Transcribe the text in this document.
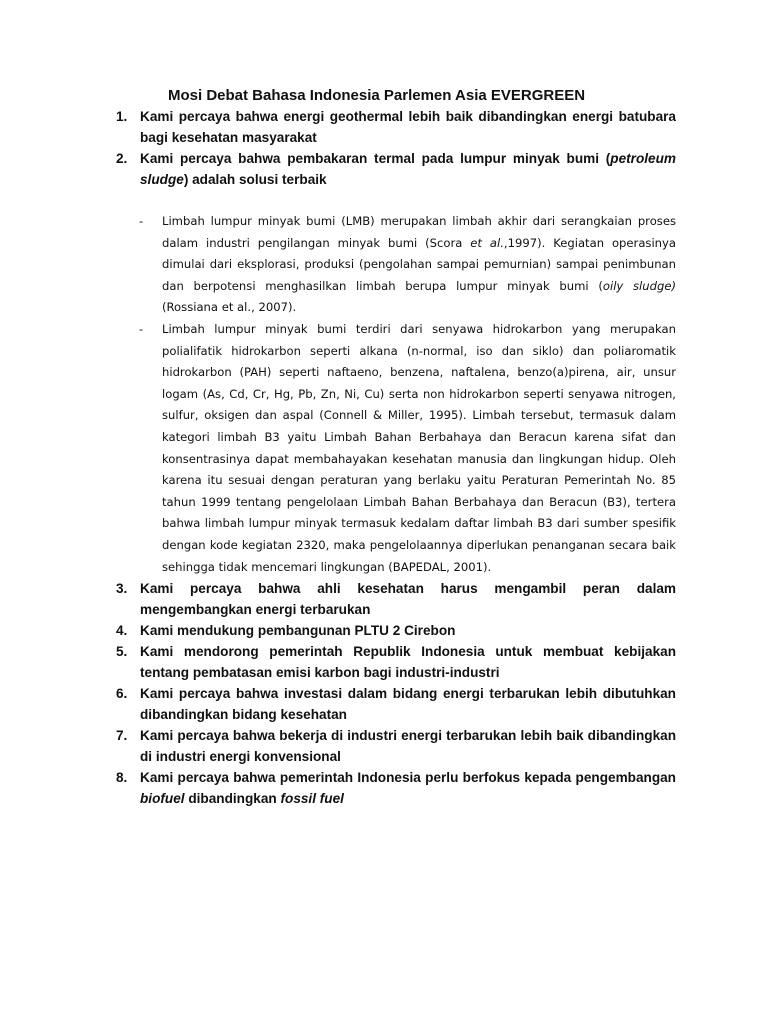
Mosi Debat Bahasa Indonesia Parlemen Asia EVERGREEN
1. Kami percaya bahwa energi geothermal lebih baik dibandingkan energi batubara bagi kesehatan masyarakat
2. Kami percaya bahwa pembakaran termal pada lumpur minyak bumi (petroleum sludge) adalah solusi terbaik
- Limbah lumpur minyak bumi (LMB) merupakan limbah akhir dari serangkaian proses dalam industri pengilangan minyak bumi (Scora et al.,1997). Kegiatan operasinya dimulai dari eksplorasi, produksi (pengolahan sampai pemurnian) sampai penimbunan dan berpotensi menghasilkan limbah berupa lumpur minyak bumi (oily sludge) (Rossiana et al., 2007).
- Limbah lumpur minyak bumi terdiri dari senyawa hidrokarbon yang merupakan polialifatik hidrokarbon seperti alkana (n-normal, iso dan siklo) dan poliaromatik hidrokarbon (PAH) seperti naftaeno, benzena, naftalena, benzo(a)pirena, air, unsur logam (As, Cd, Cr, Hg, Pb, Zn, Ni, Cu) serta non hidrokarbon seperti senyawa nitrogen, sulfur, oksigen dan aspal (Connell & Miller, 1995). Limbah tersebut, termasuk dalam kategori limbah B3 yaitu Limbah Bahan Berbahaya dan Beracun karena sifat dan konsentrasinya dapat membahayakan kesehatan manusia dan lingkungan hidup. Oleh karena itu sesuai dengan peraturan yang berlaku yaitu Peraturan Pemerintah No. 85 tahun 1999 tentang pengelolaan Limbah Bahan Berbahaya dan Beracun (B3), tertera bahwa limbah lumpur minyak termasuk kedalam daftar limbah B3 dari sumber spesifik dengan kode kegiatan 2320, maka pengelolaannya diperlukan penanganan secara baik sehingga tidak mencemari lingkungan (BAPEDAL, 2001).
3. Kami percaya bahwa ahli kesehatan harus mengambil peran dalam mengembangkan energi terbarukan
4. Kami mendukung pembangunan PLTU 2 Cirebon
5. Kami mendorong pemerintah Republik Indonesia untuk membuat kebijakan tentang pembatasan emisi karbon bagi industri-industri
6. Kami percaya bahwa investasi dalam bidang energi terbarukan lebih dibutuhkan dibandingkan bidang kesehatan
7. Kami percaya bahwa bekerja di industri energi terbarukan lebih baik dibandingkan di industri energi konvensional
8. Kami percaya bahwa pemerintah Indonesia perlu berfokus kepada pengembangan biofuel dibandingkan fossil fuel
